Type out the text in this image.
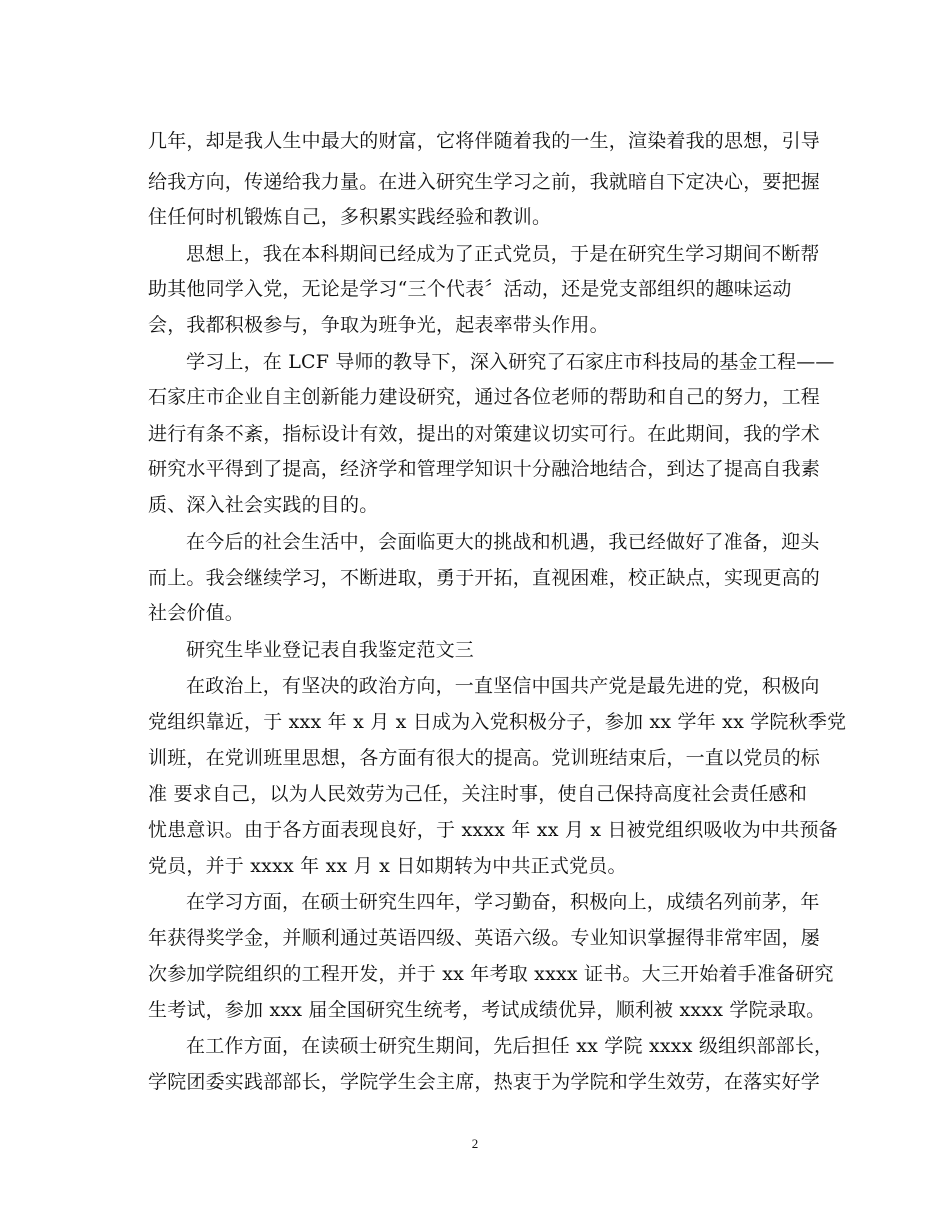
几年，却是我人生中最大的财富，它将伴随着我的一生，渲染着我的思想，引导
给我方向，传递给我力量。在进入研究生学习之前，我就暗自下定决心，要把握
住任何时机锻炼自己，多积累实践经验和教训。
思想上，我在本科期间已经成为了正式党员，于是在研究生学习期间不断帮
助其他同学入党，无论是学习“三个代表〞活动，还是党支部组织的趣味运动
会，我都积极参与，争取为班争光，起表率带头作用。
学习上，在 LCF 导师的教导下，深入研究了石家庄市科技局的基金工程——
石家庄市企业自主创新能力建设研究，通过各位老师的帮助和自己的努力，工程
进行有条不紊，指标设计有效，提出的对策建议切实可行。在此期间，我的学术
研究水平得到了提高，经济学和管理学知识十分融洽地结合，到达了提高自我素
质、深入社会实践的目的。
在今后的社会生活中，会面临更大的挑战和机遇，我已经做好了准备，迎头
而上。我会继续学习，不断进取，勇于开拓，直视困难，校正缺点，实现更高的
社会价值。
研究生毕业登记表自我鉴定范文三
在政治上，有坚决的政治方向，一直坚信中国共产党是最先进的党，积极向
党组织靠近，于 xxx 年 x 月 x 日成为入党积极分子，参加 xx 学年 xx 学院秋季党
训班，在党训班里思想，各方面有很大的提高。党训班结束后，一直以党员的标
准 要求自己，以为人民效劳为己任，关注时事，使自己保持高度社会责任感和
忧患意识。由于各方面表现良好，于 xxxx 年 xx 月 x 日被党组织吸收为中共预备
党员，并于 xxxx 年 xx 月 x 日如期转为中共正式党员。
在学习方面，在硕士研究生四年，学习勤奋，积极向上，成绩名列前茅，年
年获得奖学金，并顺利通过英语四级、英语六级。专业知识掌握得非常牢固，屡
次参加学院组织的工程开发，并于 xx 年考取 xxxx 证书。大三开始着手准备研究
生考试，参加 xxx 届全国研究生统考，考试成绩优异，顺利被 xxxx 学院录取。
在工作方面，在读硕士研究生期间，先后担任 xx 学院 xxxx 级组织部部长，
学院团委实践部部长，学院学生会主席，热衷于为学院和学生效劳，在落实好学
2
